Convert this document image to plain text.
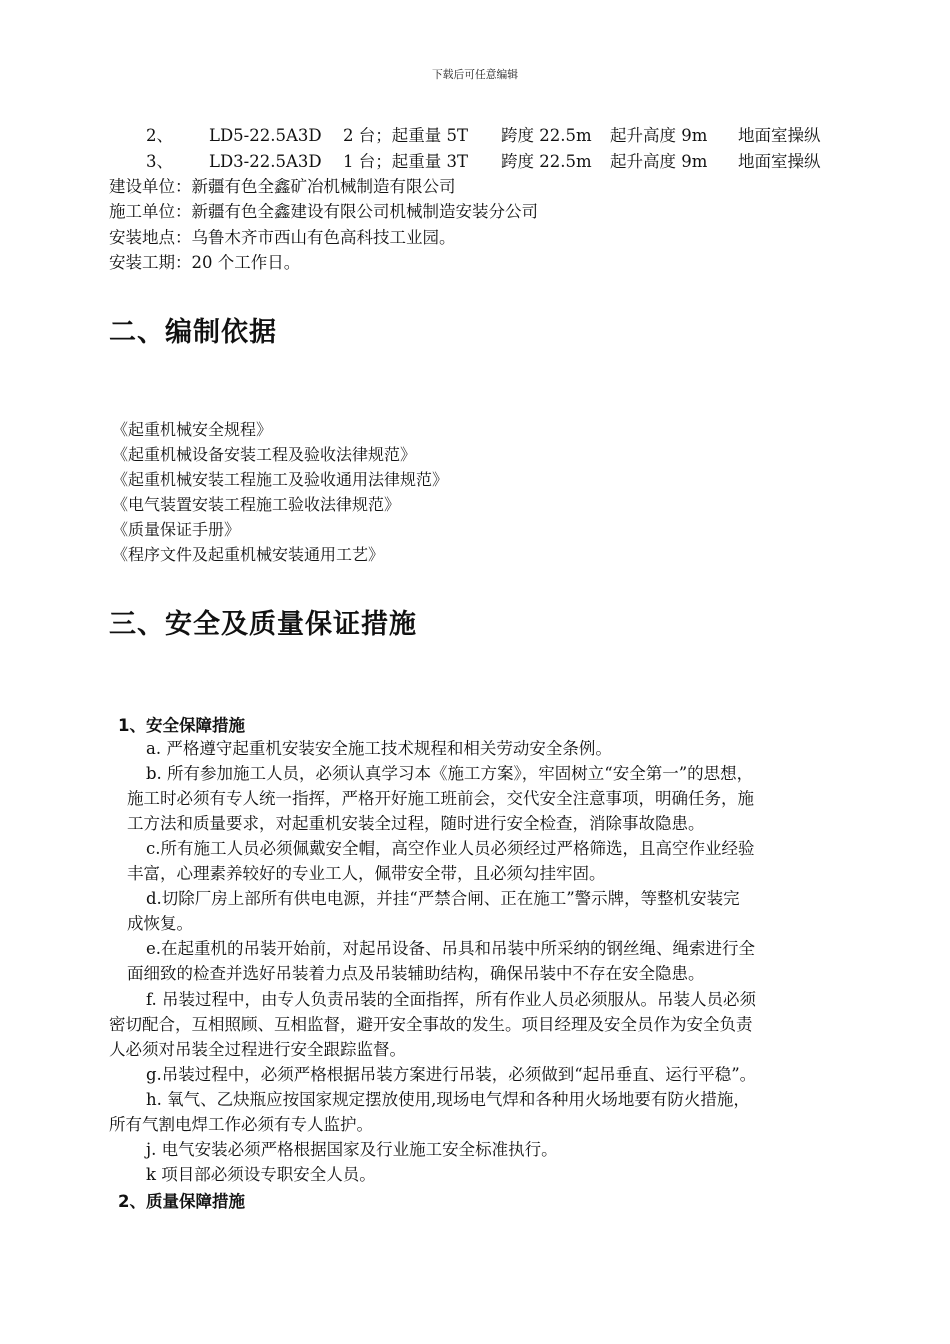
下载后可任意编辑
2、 LD5-22.5A3D 2 台；起重量 5T 跨度 22.5m 起升高度 9m 地面室操纵
3、 LD3-22.5A3D 1 台；起重量 3T 跨度 22.5m 起升高度 9m 地面室操纵
建设单位：新疆有色全鑫矿冶机械制造有限公司
施工单位：新疆有色全鑫建设有限公司机械制造安装分公司
安装地点：乌鲁木齐市西山有色高科技工业园。
安装工期：20 个工作日。
二、编制依据
《起重机械安全规程》
《起重机械设备安装工程及验收法律规范》
《起重机械安装工程施工及验收通用法律规范》
《电气装置安装工程施工验收法律规范》
《质量保证手册》
《程序文件及起重机械安装通用工艺》
三、安全及质量保证措施
1、安全保障措施
a. 严格遵守起重机安装安全施工技术规程和相关劳动安全条例。
b. 所有参加施工人员，必须认真学习本《施工方案》，牢固树立“安全第一”的思想，
施工时必须有专人统一指挥，严格开好施工班前会，交代安全注意事项，明确任务，施
工方法和质量要求，对起重机安装全过程，随时进行安全检查，消除事故隐患。
c.所有施工人员必须佩戴安全帽，高空作业人员必须经过严格筛选，且高空作业经验
丰富，心理素养较好的专业工人，佩带安全带，且必须勾挂牢固。
d.切除厂房上部所有供电电源，并挂“严禁合闸、正在施工”警示牌，等整机安装完
成恢复。
e.在起重机的吊装开始前，对起吊设备、吊具和吊装中所采纳的钢丝绳、绳索进行全
面细致的检查并选好吊装着力点及吊装辅助结构，确保吊装中不存在安全隐患。
f. 吊装过程中，由专人负责吊装的全面指挥，所有作业人员必须服从。吊装人员必须
密切配合，互相照顾、互相监督，避开安全事故的发生。项目经理及安全员作为安全负责
人必须对吊装全过程进行安全跟踪监督。
g.吊装过程中，必须严格根据吊装方案进行吊装，必须做到“起吊垂直、运行平稳”。
h. 氧气、乙炔瓶应按国家规定摆放使用,现场电气焊和各种用火场地要有防火措施，
所有气割电焊工作必须有专人监护。
j. 电气安装必须严格根据国家及行业施工安全标准执行。
k 项目部必须设专职安全人员。
2、质量保障措施
